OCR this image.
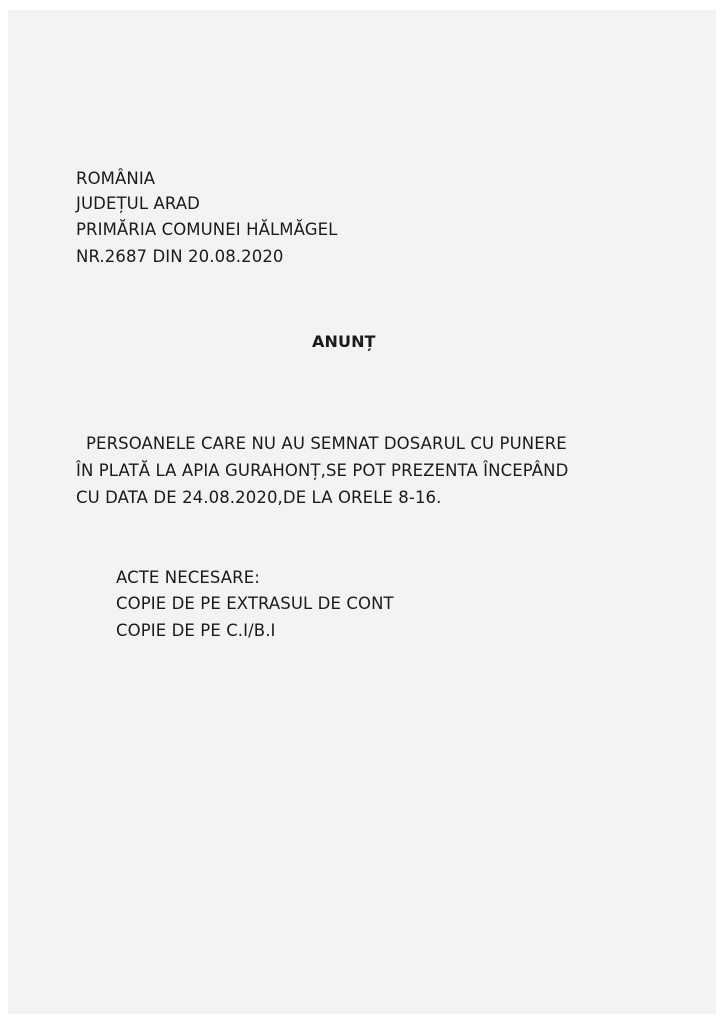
ROMÂNIA

JUDEȚUL ARAD

PRIMĂRIA COMUNEI HĂLMĂGEL

NR.2687 DIN 20.08.2020

ANUNȚ

PERSOANELE CARE NU AU SEMNAT DOSARUL CU PUNERE

ÎN PLATĂ LA APIA GURAHONȚ,SE POT PREZENTA ÎNCEPÂND

CU DATA DE 24.08.2020,DE LA ORELE 8-16.

ACTE NECESARE:

COPIE DE PE EXTRASUL DE CONT

COPIE DE PE C.I/B.I
